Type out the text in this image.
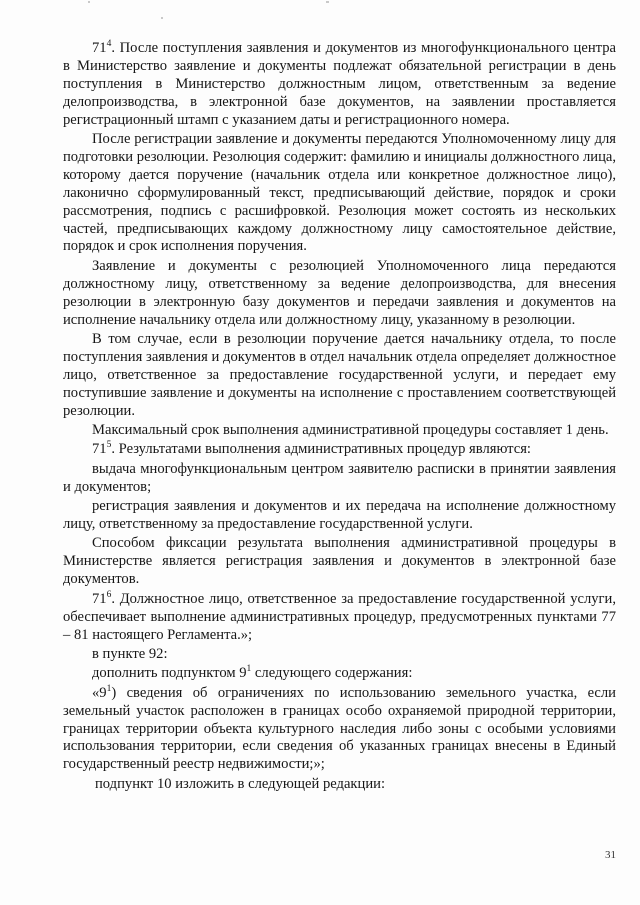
$71^4$. После поступления заявления и документов из многофункционального центра в Министерство заявление и документы подлежат обязательной регистрации в день поступления в Министерство должностным лицом, ответственным за ведение делопроизводства, в электронной базе документов, на заявлении проставляется регистрационный штамп с указанием даты и регистрационного номера.

После регистрации заявление и документы передаются Уполномоченному лицу для подготовки резолюции. Резолюция содержит: фамилию и инициалы должностного лица, которому дается поручение (начальник отдела или конкретное должностное лицо), лаконично сформулированный текст, предписывающий действие, порядок и сроки рассмотрения, подпись с расшифровкой. Резолюция может состоять из нескольких частей, предписывающих каждому должностному лицу самостоятельное действие, порядок и срок исполнения поручения.

Заявление и документы с резолюцией Уполномоченного лица передаются должностному лицу, ответственному за ведение делопроизводства, для внесения резолюции в электронную базу документов и передачи заявления и документов на исполнение начальнику отдела или должностному лицу, указанному в резолюции.

В том случае, если в резолюции поручение дается начальнику отдела, то после поступления заявления и документов в отдел начальник отдела определяет должностное лицо, ответственное за предоставление государственной услуги, и передает ему поступившие заявление и документы на исполнение с проставлением соответствующей резолюции.

Максимальный срок выполнения административной процедуры составляет 1 день.

$71^5$. Результатами выполнения административных процедур являются:

выдача многофункциональным центром заявителю расписки в принятии заявления и документов;

регистрация заявления и документов и их передача на исполнение должностному лицу, ответственному за предоставление государственной услуги.

Способом фиксации результата выполнения административной процедуры в Министерстве является регистрация заявления и документов в электронной базе документов.

$71^6$. Должностное лицо, ответственное за предоставление государственной услуги, обеспечивает выполнение административных процедур, предусмотренных пунктами 77 – 81 настоящего Регламента.»;

в пункте 92:

дополнить подпунктом $9^1$ следующего содержания:

«$9^1$) сведения об ограничениях по использованию земельного участка, если земельный участок расположен в границах особо охраняемой природной территории, границах территории объекта культурного наследия либо зоны с особыми условиями использования территории, если сведения об указанных границах внесены в Единый государственный реестр недвижимости;»;

подпункт 10 изложить в следующей редакции:

31
